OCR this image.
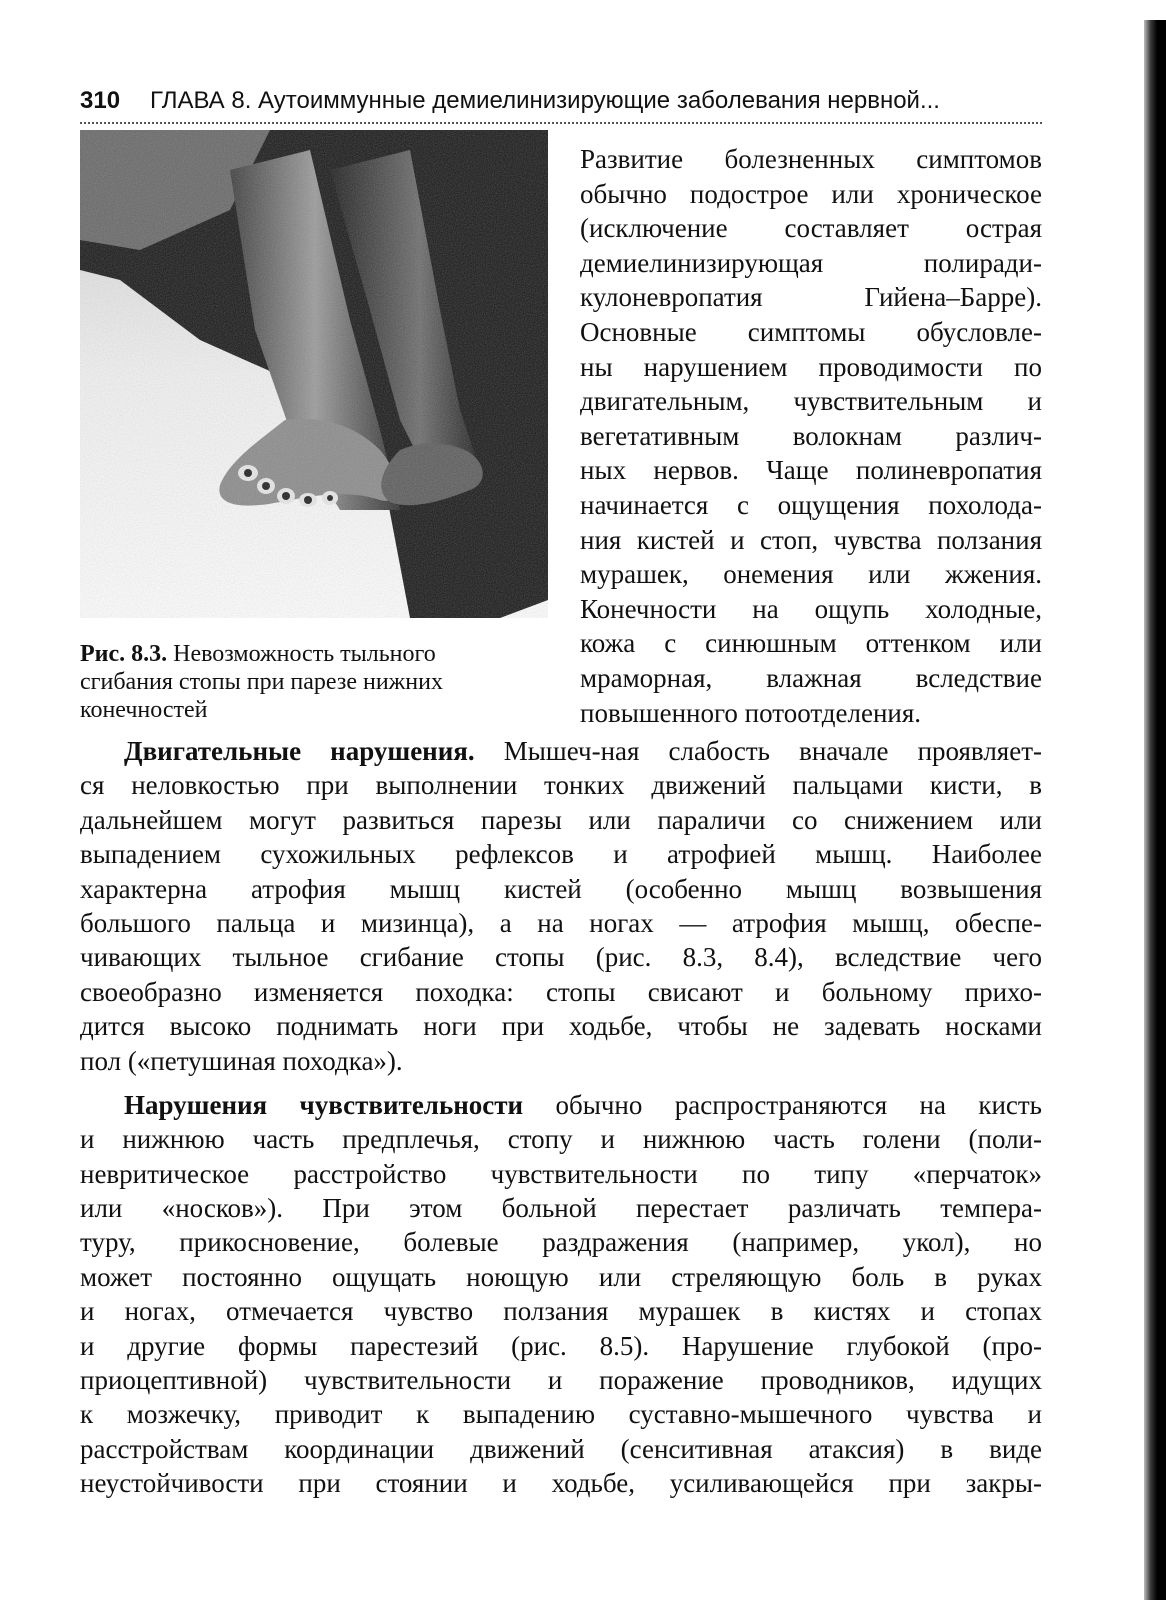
310 ГЛАВА 8. Аутоиммунные демиелинизирующие заболевания нервной...
Рис. 8.3. Невозможность тыльного
сгибания стопы при парезе нижних
конечностей
Развитие болезненных симптомов
обычно подострое или хроническое
(исключение составляет острая
демиелинизирующая полиради-
кулоневропатия Гийена–Барре).
Основные симптомы обусловле-
ны нарушением проводимости по
двигательным, чувствительным и
вегетативным волокнам различ-
ных нервов. Чаще полиневропатия
начинается с ощущения похолода-
ния кистей и стоп, чувства ползания
мурашек, онемения или жжения.
Конечности на ощупь холодные,
кожа с синюшным оттенком или
мраморная, влажная вследствие
повышенного потоотделения.
Двигательные нарушения. Мышеч-ная слабость вначале проявляет-
ся неловкостью при выполнении тонких движений пальцами кисти, в
дальнейшем могут развиться парезы или параличи со снижением или
выпадением сухожильных рефлексов и атрофией мышц. Наиболее
характерна атрофия мышц кистей (особенно мышц возвышения
большого пальца и мизинца), а на ногах — атрофия мышц, обеспе-
чивающих тыльное сгибание стопы (рис. 8.3, 8.4), вследствие чего
своеобразно изменяется походка: стопы свисают и больному прихо-
дится высоко поднимать ноги при ходьбе, чтобы не задевать носками
пол («петушиная походка»).
Нарушения чувствительности обычно распространяются на кисть
и нижнюю часть предплечья, стопу и нижнюю часть голени (поли-
невритическое расстройство чувствительности по типу «перчаток»
или «носков»). При этом больной перестает различать темпера-
туру, прикосновение, болевые раздражения (например, укол), но
может постоянно ощущать ноющую или стреляющую боль в руках
и ногах, отмечается чувство ползания мурашек в кистях и стопах
и другие формы парестезий (рис. 8.5). Нарушение глубокой (про-
приоцептивной) чувствительности и поражение проводников, идущих
к мозжечку, приводит к выпадению суставно-мышечного чувства и
расстройствам координации движений (сенситивная атаксия) в виде
неустойчивости при стоянии и ходьбе, усиливающейся при закры-
